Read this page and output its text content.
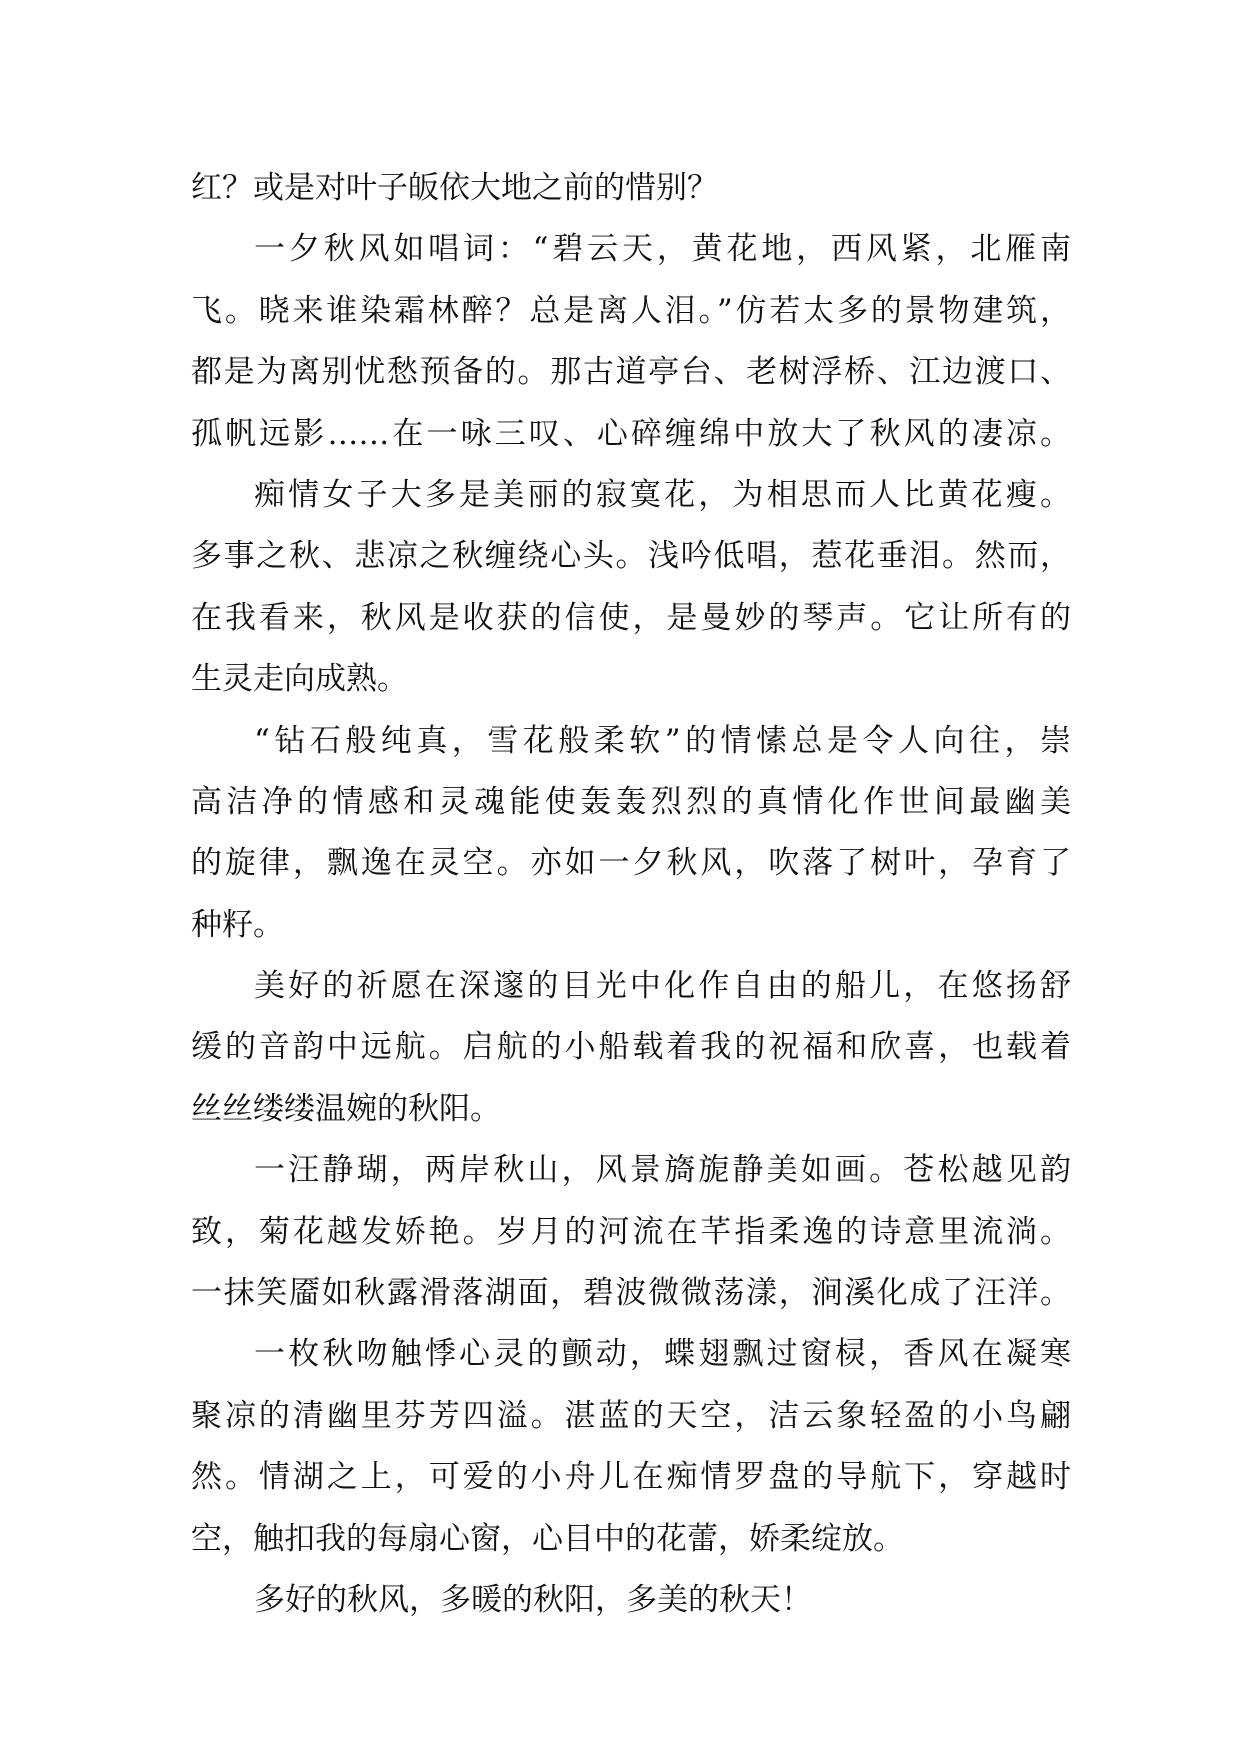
红？或是对叶子皈依大地之前的惜别？
一夕秋风如唱词：“碧云天，黄花地，西风紧，北雁南
飞。晓来谁染霜林醉？总是离人泪。”仿若太多的景物建筑，
都是为离别忧愁预备的。那古道亭台、老树浮桥、江边渡口、
孤帆远影……在一咏三叹、心碎缠绵中放大了秋风的凄凉。
痴情女子大多是美丽的寂寞花，为相思而人比黄花瘦。
多事之秋、悲凉之秋缠绕心头。浅吟低唱，惹花垂泪。然而，
在我看来，秋风是收获的信使，是曼妙的琴声。它让所有的
生灵走向成熟。
“钻石般纯真，雪花般柔软”的情愫总是令人向往，崇
高洁净的情感和灵魂能使轰轰烈烈的真情化作世间最幽美
的旋律，飘逸在灵空。亦如一夕秋风，吹落了树叶，孕育了
种籽。
美好的祈愿在深邃的目光中化作自由的船儿，在悠扬舒
缓的音韵中远航。启航的小船载着我的祝福和欣喜，也载着
丝丝缕缕温婉的秋阳。
一汪静瑚，两岸秋山，风景旖旎静美如画。苍松越见韵
致，菊花越发娇艳。岁月的河流在芊指柔逸的诗意里流淌。
一抹笑靥如秋露滑落湖面，碧波微微荡漾，涧溪化成了汪洋。
一枚秋吻触悸心灵的颤动，蝶翅飘过窗棂，香风在凝寒
聚凉的清幽里芬芳四溢。湛蓝的天空，洁云象轻盈的小鸟翩
然。情湖之上，可爱的小舟儿在痴情罗盘的导航下，穿越时
空，触扣我的每扇心窗，心目中的花蕾，娇柔绽放。
多好的秋风，多暖的秋阳，多美的秋天！
